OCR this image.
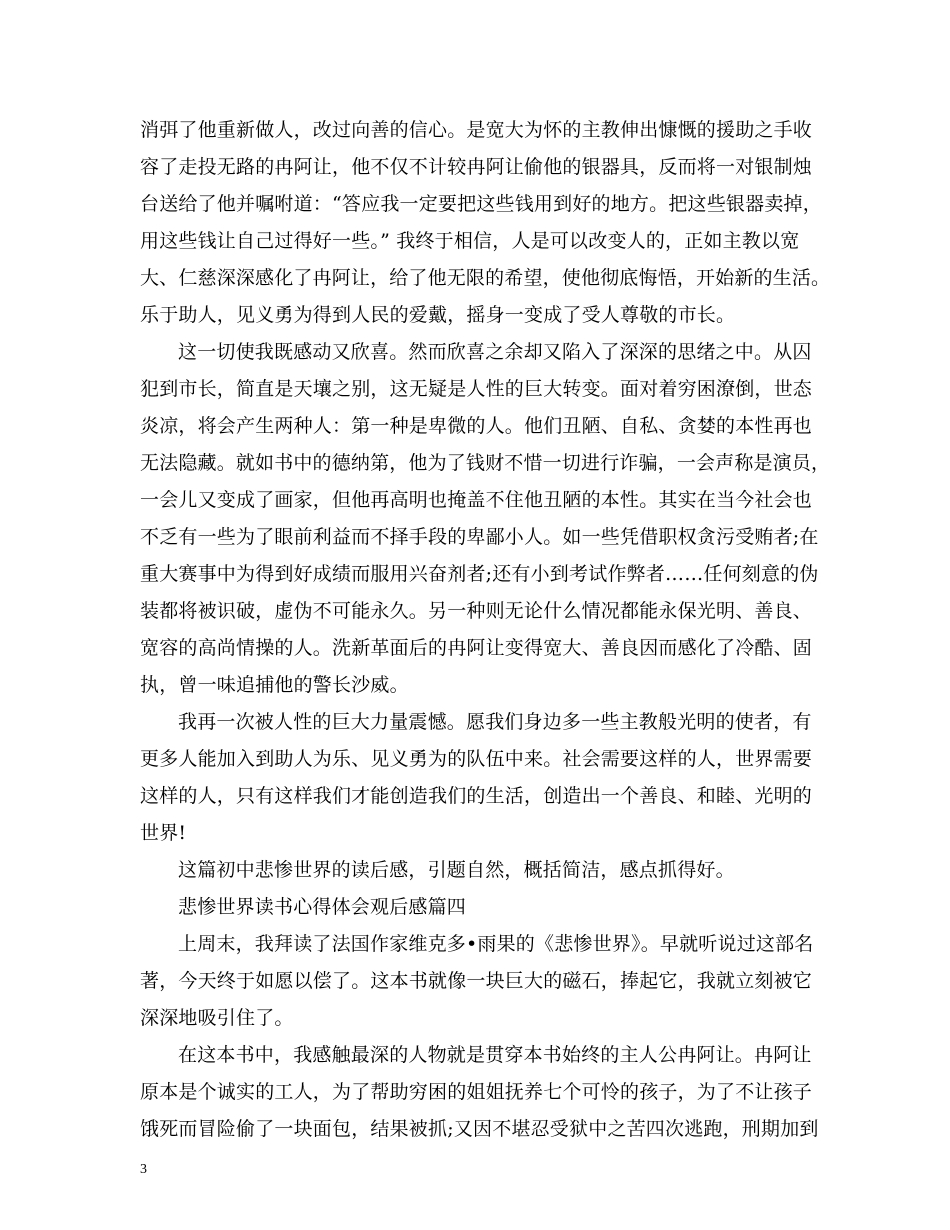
消弭了他重新做人，改过向善的信心。是宽大为怀的主教伸出慷慨的援助之手收
容了走投无路的冉阿让，他不仅不计较冉阿让偷他的银器具，反而将一对银制烛
台送给了他并嘱咐道：“答应我一定要把这些钱用到好的地方。把这些银器卖掉，
用这些钱让自己过得好一些。” 我终于相信，人是可以改变人的，正如主教以宽
大、仁慈深深感化了冉阿让，给了他无限的希望，使他彻底悔悟，开始新的生活。
乐于助人，见义勇为得到人民的爱戴，摇身一变成了受人尊敬的市长。
这一切使我既感动又欣喜。然而欣喜之余却又陷入了深深的思绪之中。从囚
犯到市长，简直是天壤之别，这无疑是人性的巨大转变。面对着穷困潦倒，世态
炎凉，将会产生两种人：第一种是卑微的人。他们丑陋、自私、贪婪的本性再也
无法隐藏。就如书中的德纳第，他为了钱财不惜一切进行诈骗，一会声称是演员，
一会儿又变成了画家，但他再高明也掩盖不住他丑陋的本性。其实在当今社会也
不乏有一些为了眼前利益而不择手段的卑鄙小人。如一些凭借职权贪污受贿者;在
重大赛事中为得到好成绩而服用兴奋剂者;还有小到考试作弊者……任何刻意的伪
装都将被识破，虚伪不可能永久。另一种则无论什么情况都能永保光明、善良、
宽容的高尚情操的人。洗新革面后的冉阿让变得宽大、善良因而感化了冷酷、固
执，曾一味追捕他的警长沙威。
我再一次被人性的巨大力量震憾。愿我们身边多一些主教般光明的使者，有
更多人能加入到助人为乐、见义勇为的队伍中来。社会需要这样的人，世界需要
这样的人，只有这样我们才能创造我们的生活，创造出一个善良、和睦、光明的
世界!
这篇初中悲惨世界的读后感，引题自然，概括简洁，感点抓得好。
悲惨世界读书心得体会观后感篇四
上周末，我拜读了法国作家维克多•雨果的《悲惨世界》。早就听说过这部名
著，今天终于如愿以偿了。这本书就像一块巨大的磁石，捧起它，我就立刻被它
深深地吸引住了。
在这本书中，我感触最深的人物就是贯穿本书始终的主人公冉阿让。冉阿让
原本是个诚实的工人，为了帮助穷困的姐姐抚养七个可怜的孩子，为了不让孩子
饿死而冒险偷了一块面包，结果被抓;又因不堪忍受狱中之苦四次逃跑，刑期加到
3
